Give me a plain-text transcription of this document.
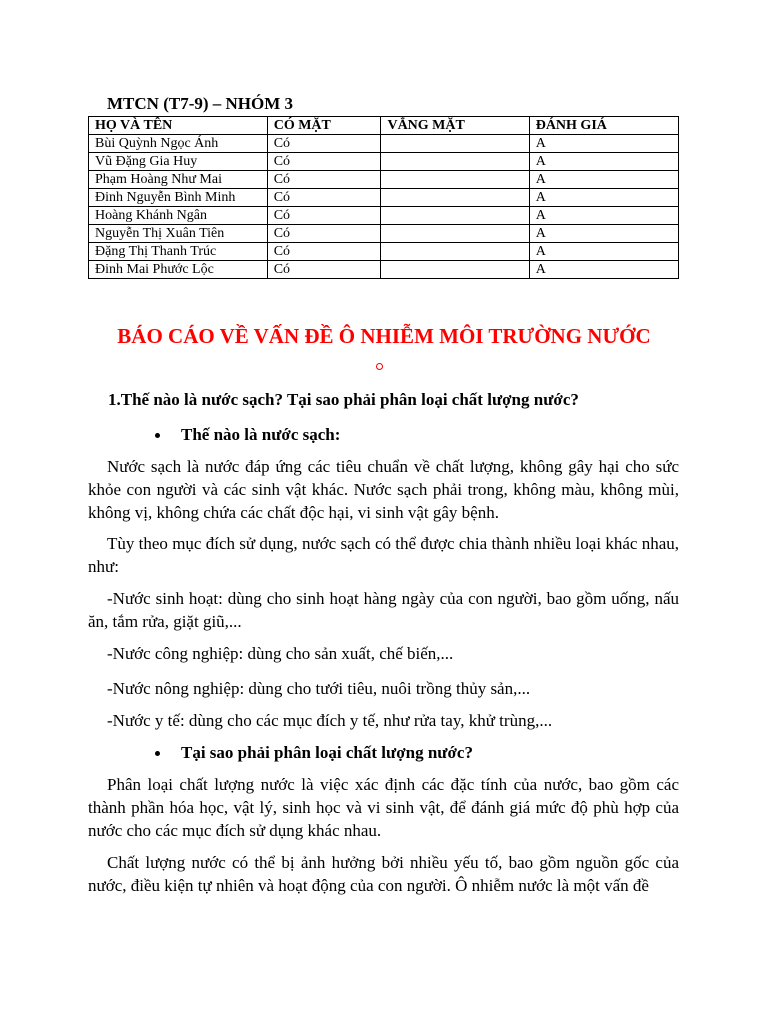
MTCN (T7-9) – NHÓM 3
HỌ VÀ TÊN	CÓ MẶT	VẮNG MẶT	ĐÁNH GIÁ
Bùi Quỳnh Ngọc Ánh	Có		A
Vũ Đặng Gia Huy	Có		A
Phạm Hoàng Như Mai	Có		A
Đinh Nguyễn Bình Minh	Có		A
Hoàng Khánh Ngân	Có		A
Nguyễn Thị Xuân Tiên	Có		A
Đặng Thị Thanh Trúc	Có		A
Đinh Mai Phước Lộc	Có		A
BÁO CÁO VỀ VẤN ĐỀ Ô NHIỄM MÔI TRƯỜNG NƯỚC
1.Thế nào là nước sạch? Tại sao phải phân loại chất lượng nước?
Thế nào là nước sạch:
Nước sạch là nước đáp ứng các tiêu chuẩn về chất lượng, không gây hại cho sức khỏe con người và các sinh vật khác. Nước sạch phải trong, không màu, không mùi, không vị, không chứa các chất độc hại, vi sinh vật gây bệnh.
Tùy theo mục đích sử dụng, nước sạch có thể được chia thành nhiều loại khác nhau, như:
-Nước sinh hoạt: dùng cho sinh hoạt hàng ngày của con người, bao gồm uống, nấu ăn, tắm rửa, giặt giũ,...
-Nước công nghiệp: dùng cho sản xuất, chế biến,...
-Nước nông nghiệp: dùng cho tưới tiêu, nuôi trồng thủy sản,...
-Nước y tế: dùng cho các mục đích y tế, như rửa tay, khử trùng,...
Tại sao phải phân loại chất lượng nước?
Phân loại chất lượng nước là việc xác định các đặc tính của nước, bao gồm các thành phần hóa học, vật lý, sinh học và vi sinh vật, để đánh giá mức độ phù hợp của nước cho các mục đích sử dụng khác nhau.
Chất lượng nước có thể bị ảnh hưởng bởi nhiều yếu tố, bao gồm nguồn gốc của nước, điều kiện tự nhiên và hoạt động của con người. Ô nhiễm nước là một vấn đề
